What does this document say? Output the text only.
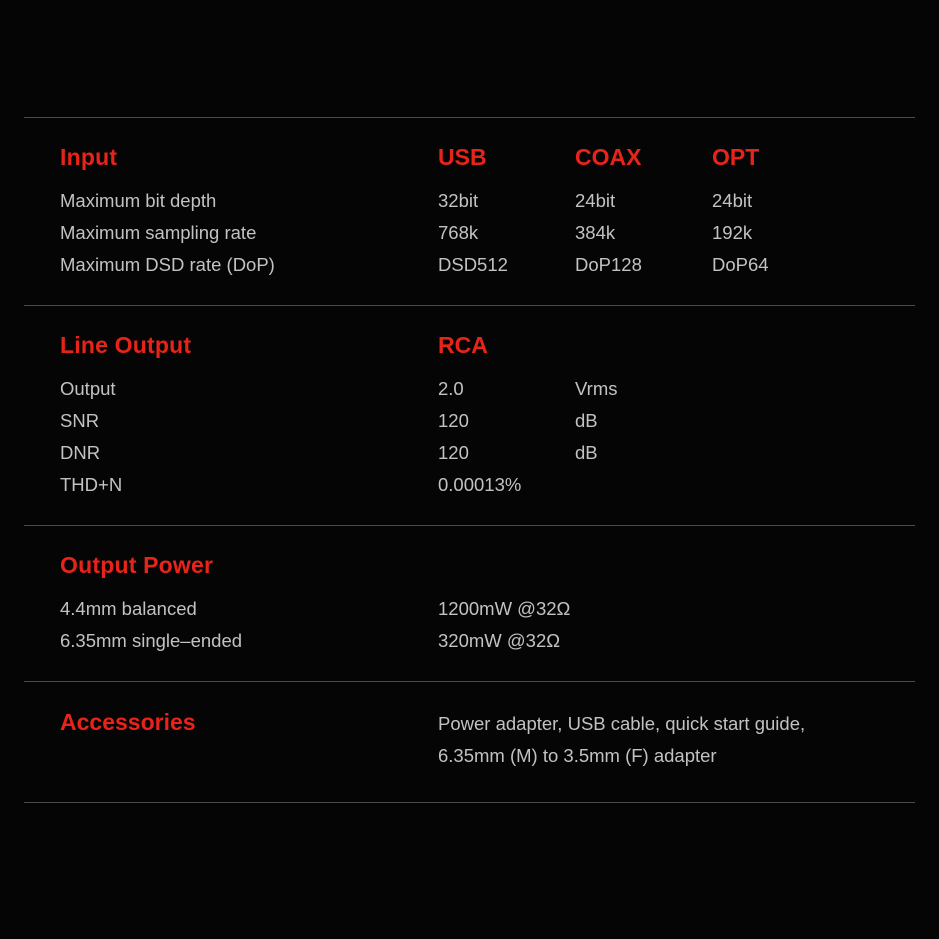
Input	USB	COAX	OPT
Maximum bit depth	32bit	24bit	24bit
Maximum sampling rate	768k	384k	192k
Maximum DSD rate (DoP)	DSD512	DoP128	DoP64
Line Output	RCA
Output	2.0	Vrms
SNR	120	dB
DNR	120	dB
THD+N	0.00013%
Output Power
4.4mm balanced	1200mW @32Ω
6.35mm single–ended	320mW @32Ω
Accessories	Power adapter, USB cable, quick start guide,
6.35mm (M) to 3.5mm (F) adapter
